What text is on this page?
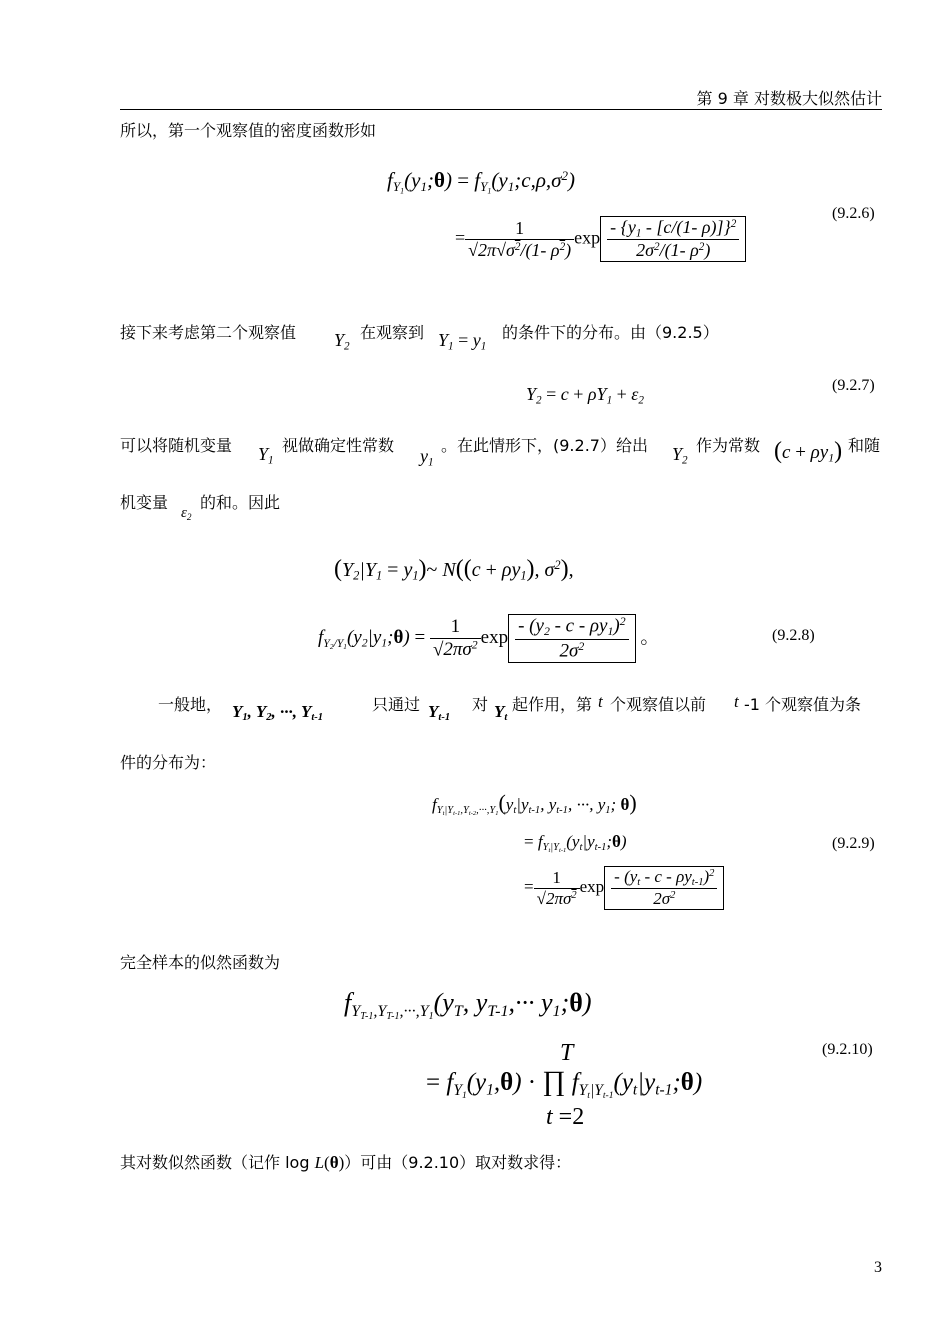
第 9 章 对数极大似然估计
所以，第一个观察值的密度函数形如
$f_{Y_1}(y_1;\theta)$ = $f_{Y_1}(y_1;c,\rho,\sigma^2)$
= $\frac{1}{√2\pi√\sigma^2/(1- \rho^2)}$ $\exp \frac{- \{y_1 - [c/(1- \rho)]\}^2}{2\sigma^2/(1- \rho^2)}$
(9.2.6)
接下来考虑第二个观察值 $Y_2$
在观察到 $Y_1 = y_1$
的条件下的分布。由（9.2.5）
$Y_2 = c + \rho Y_1 + \varepsilon_2$
(9.2.7)
可以将随机变量 $Y_1$
视做确定性常数
$y_1$
。在此情形下，(9.2.7）给出 $Y_2$
作为常数 $(c + \rho y_1)$ 和随
机变量
$\varepsilon_2$
的和。因此
($Y_2|Y_1$ = $y_1)\sim$ $N((c + \rho y_1)$, $\sigma^2$),
$f_{Y_2/Y_1}(y_2|y_1;\theta) = \frac{1}{√2\pi\sigma^2}$ $\exp \frac{- (y_2 - c - \rho y_1)^2}{2\sigma^2}$ 。	(9.2.8)
一般地， $Y_1$, $Y_2$, ···, $Y_{t-1}$
只通过 $Y_{t-1}$
对 $Y_t$
起作用，第 t 个观察值以前 t -1 个观察值为条
件的分布为：
$f_{Y_t|Y_{t-1},Y_{t-2},\cdot\cdot\cdot,Y_1}(y_t|y_{t-1}$, $y_{t-1}$, ···, $y_1$; θ)
= $f_{Y_t|Y_{t-1}}(y_t|y_{t-1};\theta)$
= $\frac{1}{√2\pi\sigma^2}$ $\exp \frac{- (y_t - c - \rho y_{t-1})^2}{2\sigma^2}$
(9.2.9)
完全样本的似然函数为
$f_{Y_{T-1},Y_{T-1},\cdot\cdot\cdot,Y_1}(y_T$, $y_{T-1},\cdot\cdot\cdot$ $y_1;\theta$)
T
= $f_{Y_1}(y_1,\theta)$ · ∏ $f_{Y_t|Y_{t-1}}(y_t|y_{t-1};\theta)$
t =2
(9.2.10)
其对数似然函数（记作 log L(θ)）可由（9.2.10）取对数求得：
3
